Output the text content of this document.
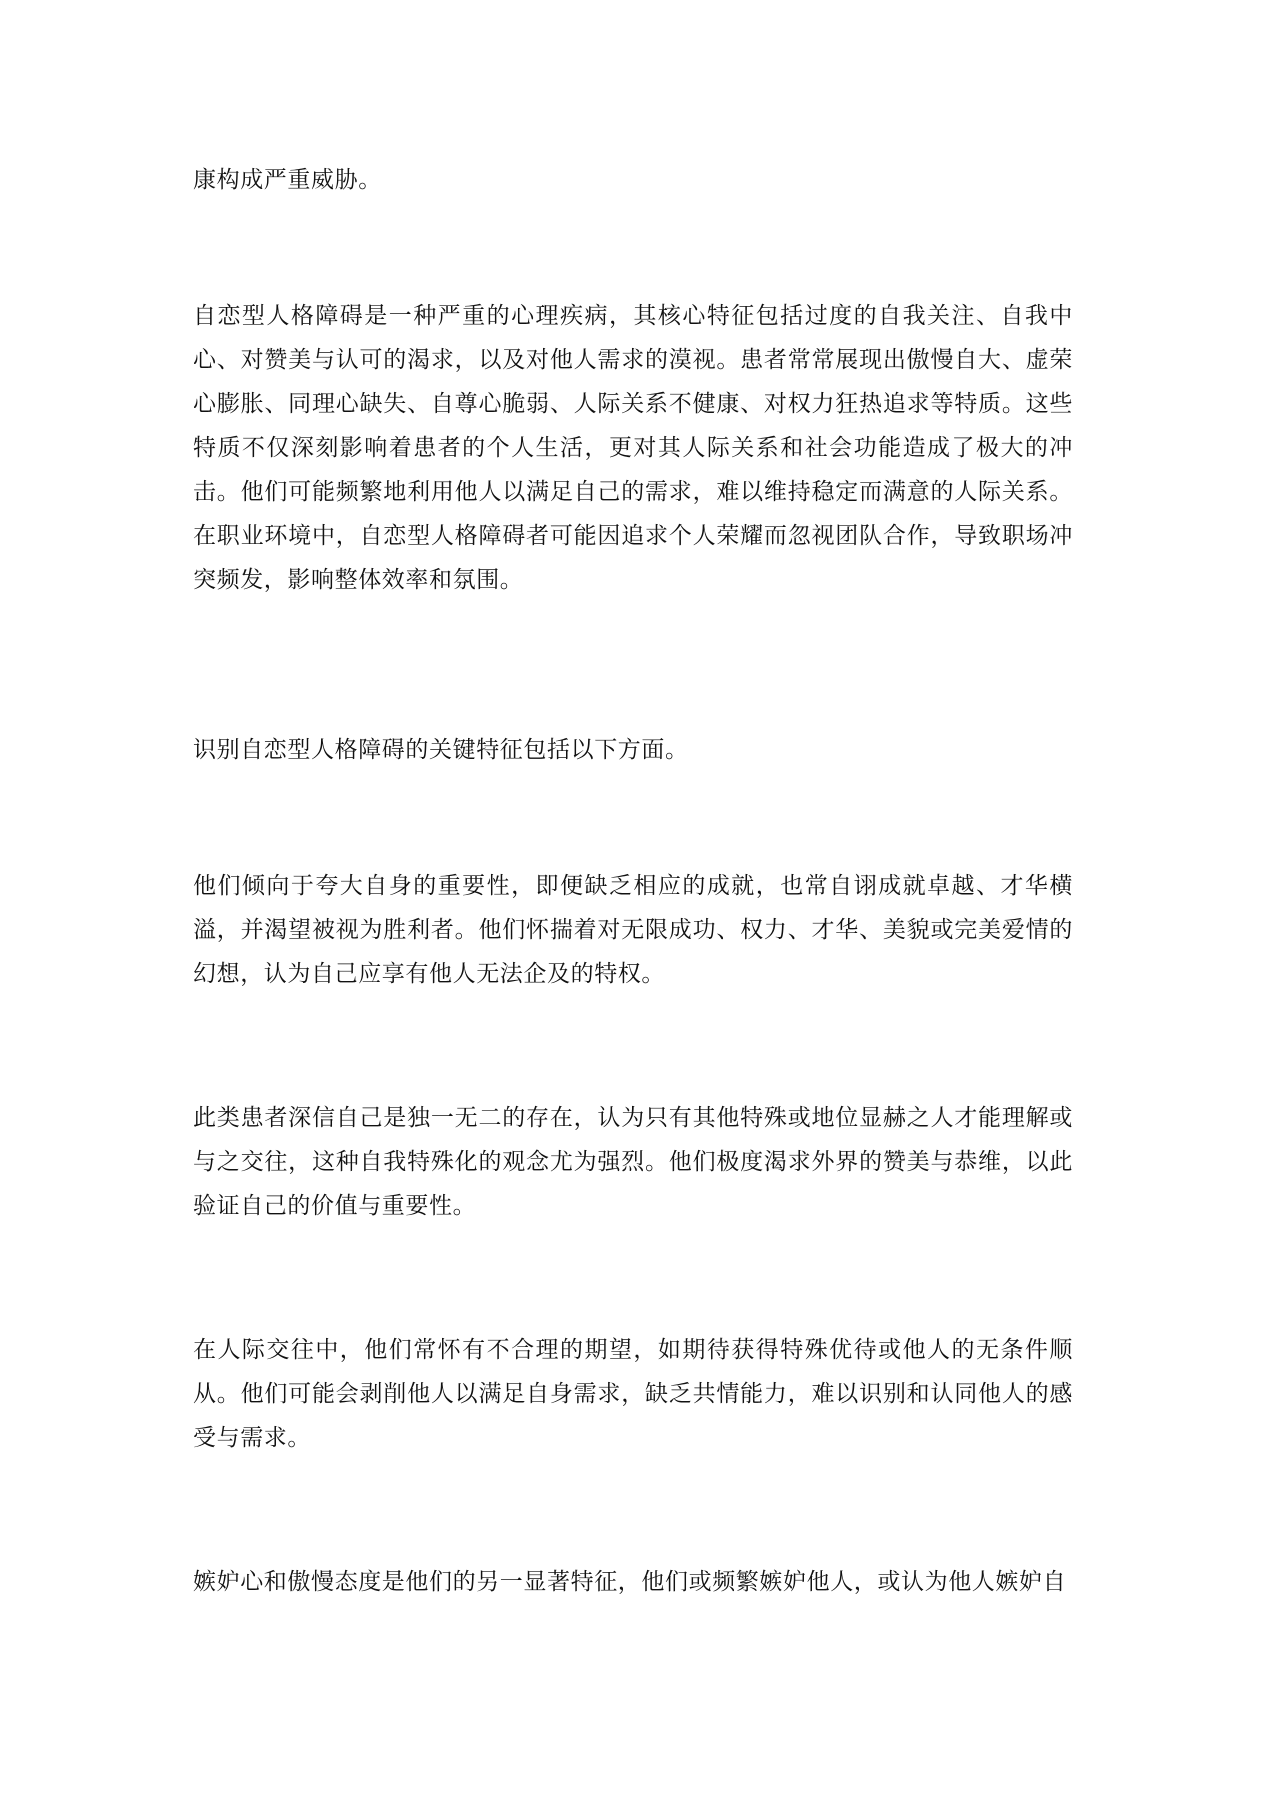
康构成严重威胁。

自恋型人格障碍是一种严重的心理疾病，其核心特征包括过度的自我关注、自我中心、对赞美与认可的渴求，以及对他人需求的漠视。患者常常展现出傲慢自大、虚荣心膨胀、同理心缺失、自尊心脆弱、人际关系不健康、对权力狂热追求等特质。这些特质不仅深刻影响着患者的个人生活，更对其人际关系和社会功能造成了极大的冲击。他们可能频繁地利用他人以满足自己的需求，难以维持稳定而满意的人际关系。在职业环境中，自恋型人格障碍者可能因追求个人荣耀而忽视团队合作，导致职场冲突频发，影响整体效率和氛围。

识别自恋型人格障碍的关键特征包括以下方面。

他们倾向于夸大自身的重要性，即便缺乏相应的成就，也常自诩成就卓越、才华横溢，并渴望被视为胜利者。他们怀揣着对无限成功、权力、才华、美貌或完美爱情的幻想，认为自己应享有他人无法企及的特权。

此类患者深信自己是独一无二的存在，认为只有其他特殊或地位显赫之人才能理解或与之交往，这种自我特殊化的观念尤为强烈。他们极度渴求外界的赞美与恭维，以此验证自己的价值与重要性。

在人际交往中，他们常怀有不合理的期望，如期待获得特殊优待或他人的无条件顺从。他们可能会剥削他人以满足自身需求，缺乏共情能力，难以识别和认同他人的感受与需求。

嫉妒心和傲慢态度是他们的另一显著特征，他们或频繁嫉妒他人，或认为他人嫉妒自
